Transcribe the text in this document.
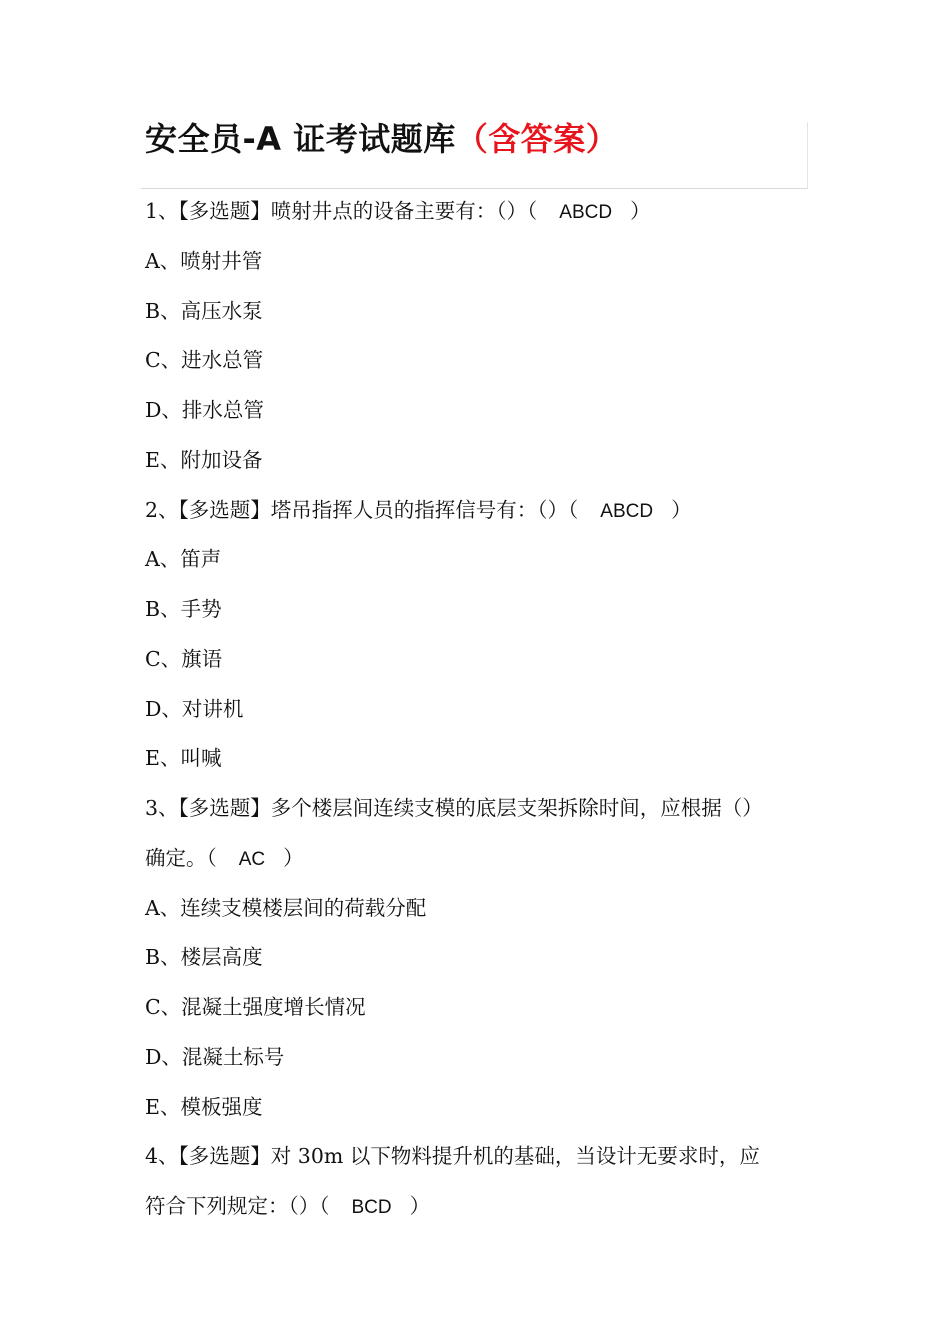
安全员-A 证考试题库（含答案）

1、【多选题】喷射井点的设备主要有：（）（ ABCD ）

A、喷射井管

B、高压水泵

C、进水总管

D、排水总管

E、附加设备

2、【多选题】塔吊指挥人员的指挥信号有：（）（ ABCD ）

A、笛声

B、手势

C、旗语

D、对讲机

E、叫喊

3、【多选题】多个楼层间连续支模的底层支架拆除时间，应根据（）

确定。（ AC ）

A、连续支模楼层间的荷载分配

B、楼层高度

C、混凝土强度增长情况

D、混凝土标号

E、模板强度

4、【多选题】对 30m 以下物料提升机的基础，当设计无要求时，应

符合下列规定：（）（ BCD ）
